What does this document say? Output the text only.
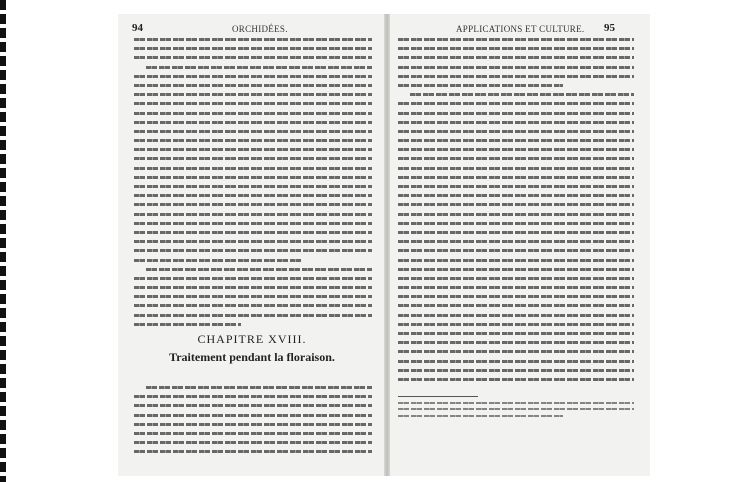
94	ORCHIDÉES.	95
APPLICATIONS ET CULTURE.
CHAPITRE XVIII.
Traitement pendant la floraison.
